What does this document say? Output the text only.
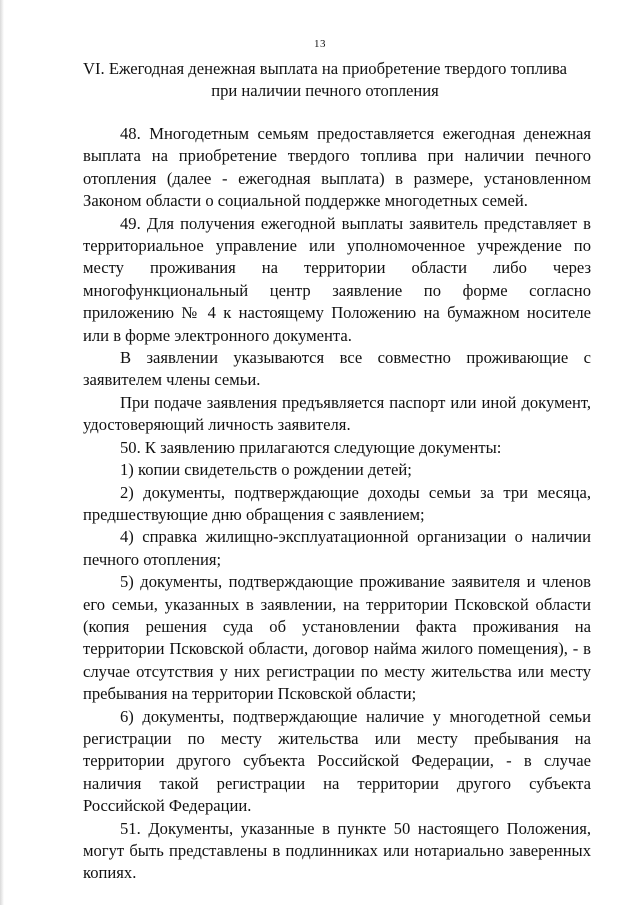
13
VI. Ежегодная денежная выплата на приобретение твердого топлива при наличии печного отопления

48. Многодетным семьям предоставляется ежегодная денежная выплата на приобретение твердого топлива при наличии печного отопления (далее - ежегодная выплата) в размере, установленном Законом области о социальной поддержке многодетных семей.

49. Для получения ежегодной выплаты заявитель представляет в территориальное управление или уполномоченное учреждение по месту проживания на территории области либо через многофункциональный центр заявление по форме согласно приложению № 4 к настоящему Положению на бумажном носителе или в форме электронного документа.

В заявлении указываются все совместно проживающие с заявителем члены семьи.

При подаче заявления предъявляется паспорт или иной документ, удостоверяющий личность заявителя.

50. К заявлению прилагаются следующие документы:

1) копии свидетельств о рождении детей;

2) документы, подтверждающие доходы семьи за три месяца, предшествующие дню обращения с заявлением;

4) справка жилищно-эксплуатационной организации о наличии печного отопления;

5) документы, подтверждающие проживание заявителя и членов его семьи, указанных в заявлении, на территории Псковской области (копия решения суда об установлении факта проживания на территории Псковской области, договор найма жилого помещения), - в случае отсутствия у них регистрации по месту жительства или месту пребывания на территории Псковской области;

6) документы, подтверждающие наличие у многодетной семьи регистрации по месту жительства или месту пребывания на территории другого субъекта Российской Федерации, - в случае наличия такой регистрации на территории другого субъекта Российской Федерации.

51. Документы, указанные в пункте 50 настоящего Положения, могут быть представлены в подлинниках или нотариально заверенных копиях.
